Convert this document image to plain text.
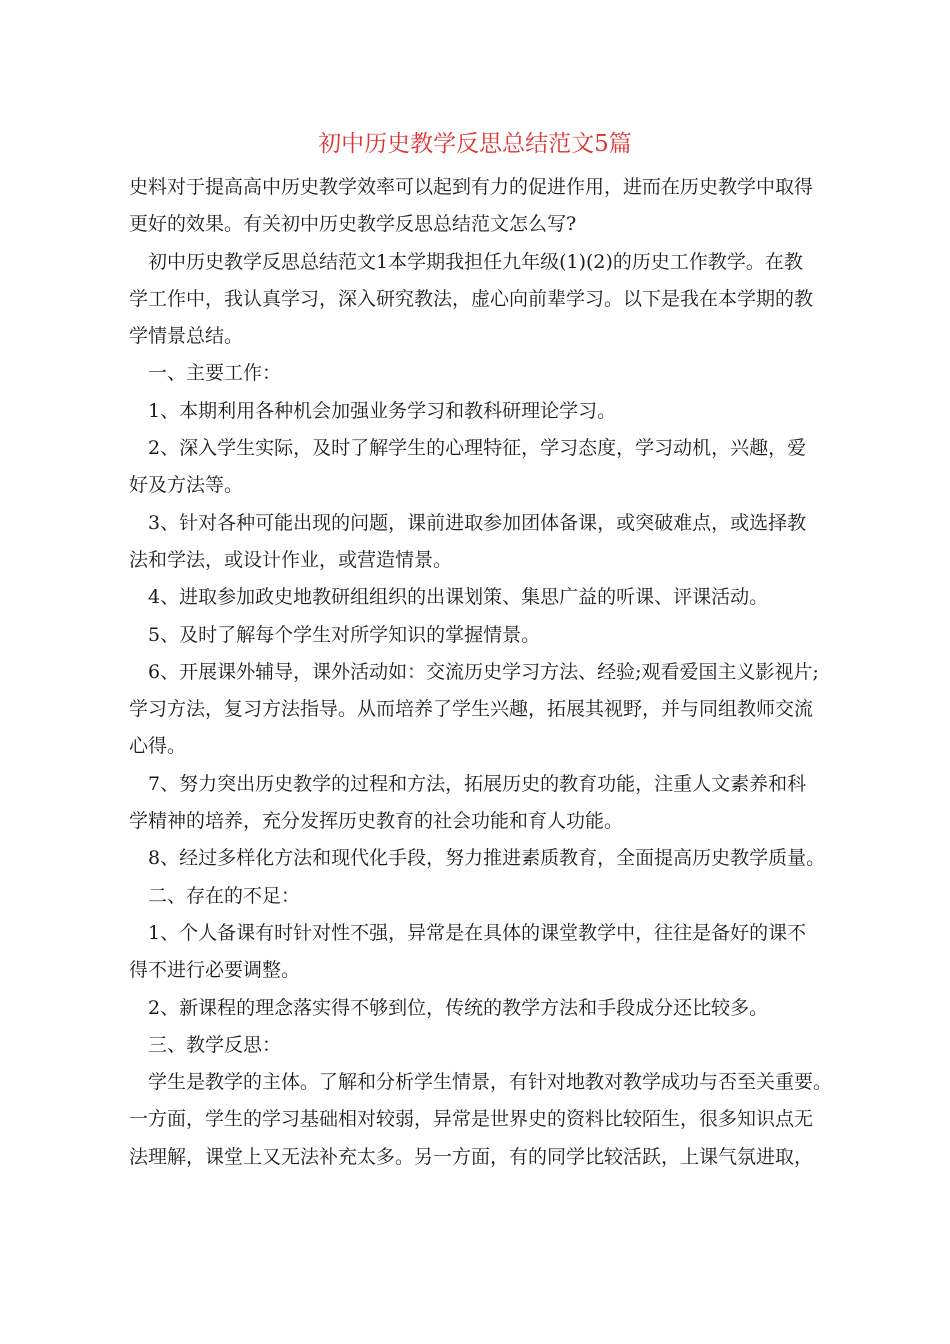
初中历史教学反思总结范文5篇
史料对于提高高中历史教学效率可以起到有力的促进作用，进而在历史教学中取得
更好的效果。有关初中历史教学反思总结范文怎么写?
初中历史教学反思总结范文1本学期我担任九年级(1)(2)的历史工作教学。在教
学工作中，我认真学习，深入研究教法，虚心向前辈学习。以下是我在本学期的教
学情景总结。
一、主要工作：
1、本期利用各种机会加强业务学习和教科研理论学习。
2、深入学生实际，及时了解学生的心理特征，学习态度，学习动机，兴趣，爱
好及方法等。
3、针对各种可能出现的问题，课前进取参加团体备课，或突破难点，或选择教
法和学法，或设计作业，或营造情景。
4、进取参加政史地教研组组织的出课划策、集思广益的听课、评课活动。
5、及时了解每个学生对所学知识的掌握情景。
6、开展课外辅导，课外活动如：交流历史学习方法、经验;观看爱国主义影视片;
学习方法，复习方法指导。从而培养了学生兴趣，拓展其视野，并与同组教师交流
心得。
7、努力突出历史教学的过程和方法，拓展历史的教育功能，注重人文素养和科
学精神的培养，充分发挥历史教育的社会功能和育人功能。
8、经过多样化方法和现代化手段，努力推进素质教育，全面提高历史教学质量。
二、存在的不足：
1、个人备课有时针对性不强，异常是在具体的课堂教学中，往往是备好的课不
得不进行必要调整。
2、新课程的理念落实得不够到位，传统的教学方法和手段成分还比较多。
三、教学反思：
学生是教学的主体。了解和分析学生情景，有针对地教对教学成功与否至关重要。
一方面，学生的学习基础相对较弱，异常是世界史的资料比较陌生，很多知识点无
法理解，课堂上又无法补充太多。另一方面，有的同学比较活跃，上课气氛进取，
